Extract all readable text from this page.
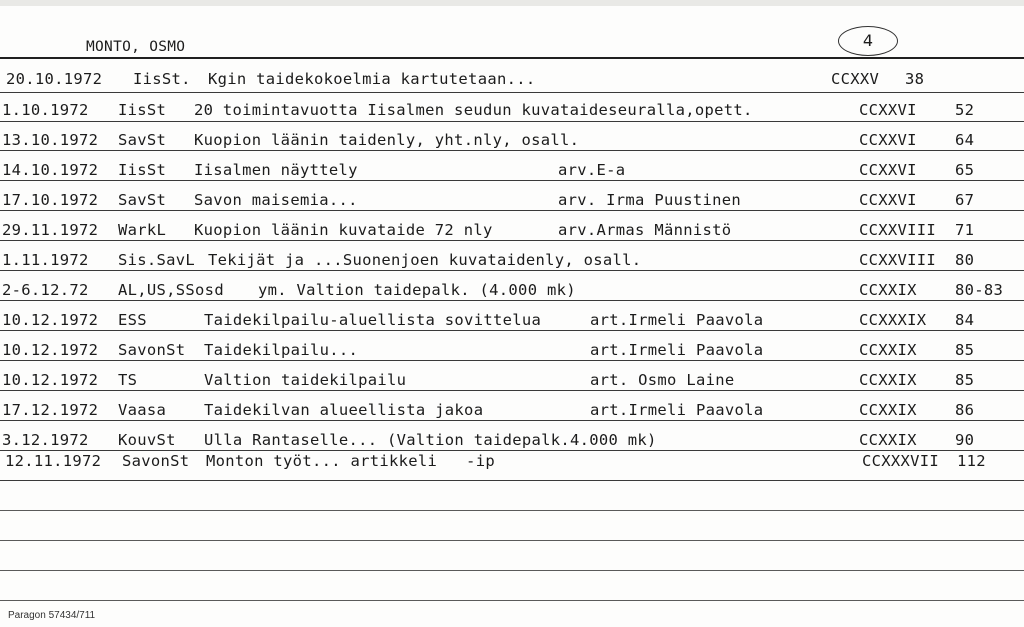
MONTO, OSMO	4
20.10.1972 IisSt. Kgin taidekokoelmia kartutetaan...	CCXXV 38
1.10.1972 IisSt 20 toimintavuotta Iisalmen seudun kuvataideseuralla,opett.	CCXXVI 52
13.10.1972 SavSt Kuopion läänin taidenly, yht.nly, osall.	CCXXVI 64
14.10.1972 IisSt Iisalmen näyttely	arv.E-a	CCXXVI 65
17.10.1972 SavSt Savon maisemia...	arv. Irma Puustinen	CCXXVI 67
29.11.1972 WarkL Kuopion läänin kuvataide 72 nly	arv.Armas Männistö	CCXXVIII 71
1.11.1972 Sis.SavL Tekijät ja ...Suonenjoen kuvataidenly, osall.	CCXXVIII 80
2-6.12.72 AL,US,SSosd ym. Valtion taidepalk. (4.000 mk)	CCXXIX 80-83
10.12.1972 ESS	Taidekilpailu-aluellista sovittelua	art.Irmeli Paavola	CCXXXIX 84
10.12.1972 SavonSt Taidekilpailu...	art.Irmeli Paavola	CCXXIX 85
10.12.1972 TS	Valtion taidekilpailu	art. Osmo Laine	CCXXIX 85
17.12.1972 Vaasa Taidekilvan alueellista jakoa	art.Irmeli Paavola	CCXXIX 86
3.12.1972 KouvSt Ulla Rantaselle... (Valtion taidepalk.4.000 mk)	CCXXIX 90
12.11.1972 SavonSt Monton työt... artikkeli   -ip	CCXXXVII 112
Paragon 57434/711
